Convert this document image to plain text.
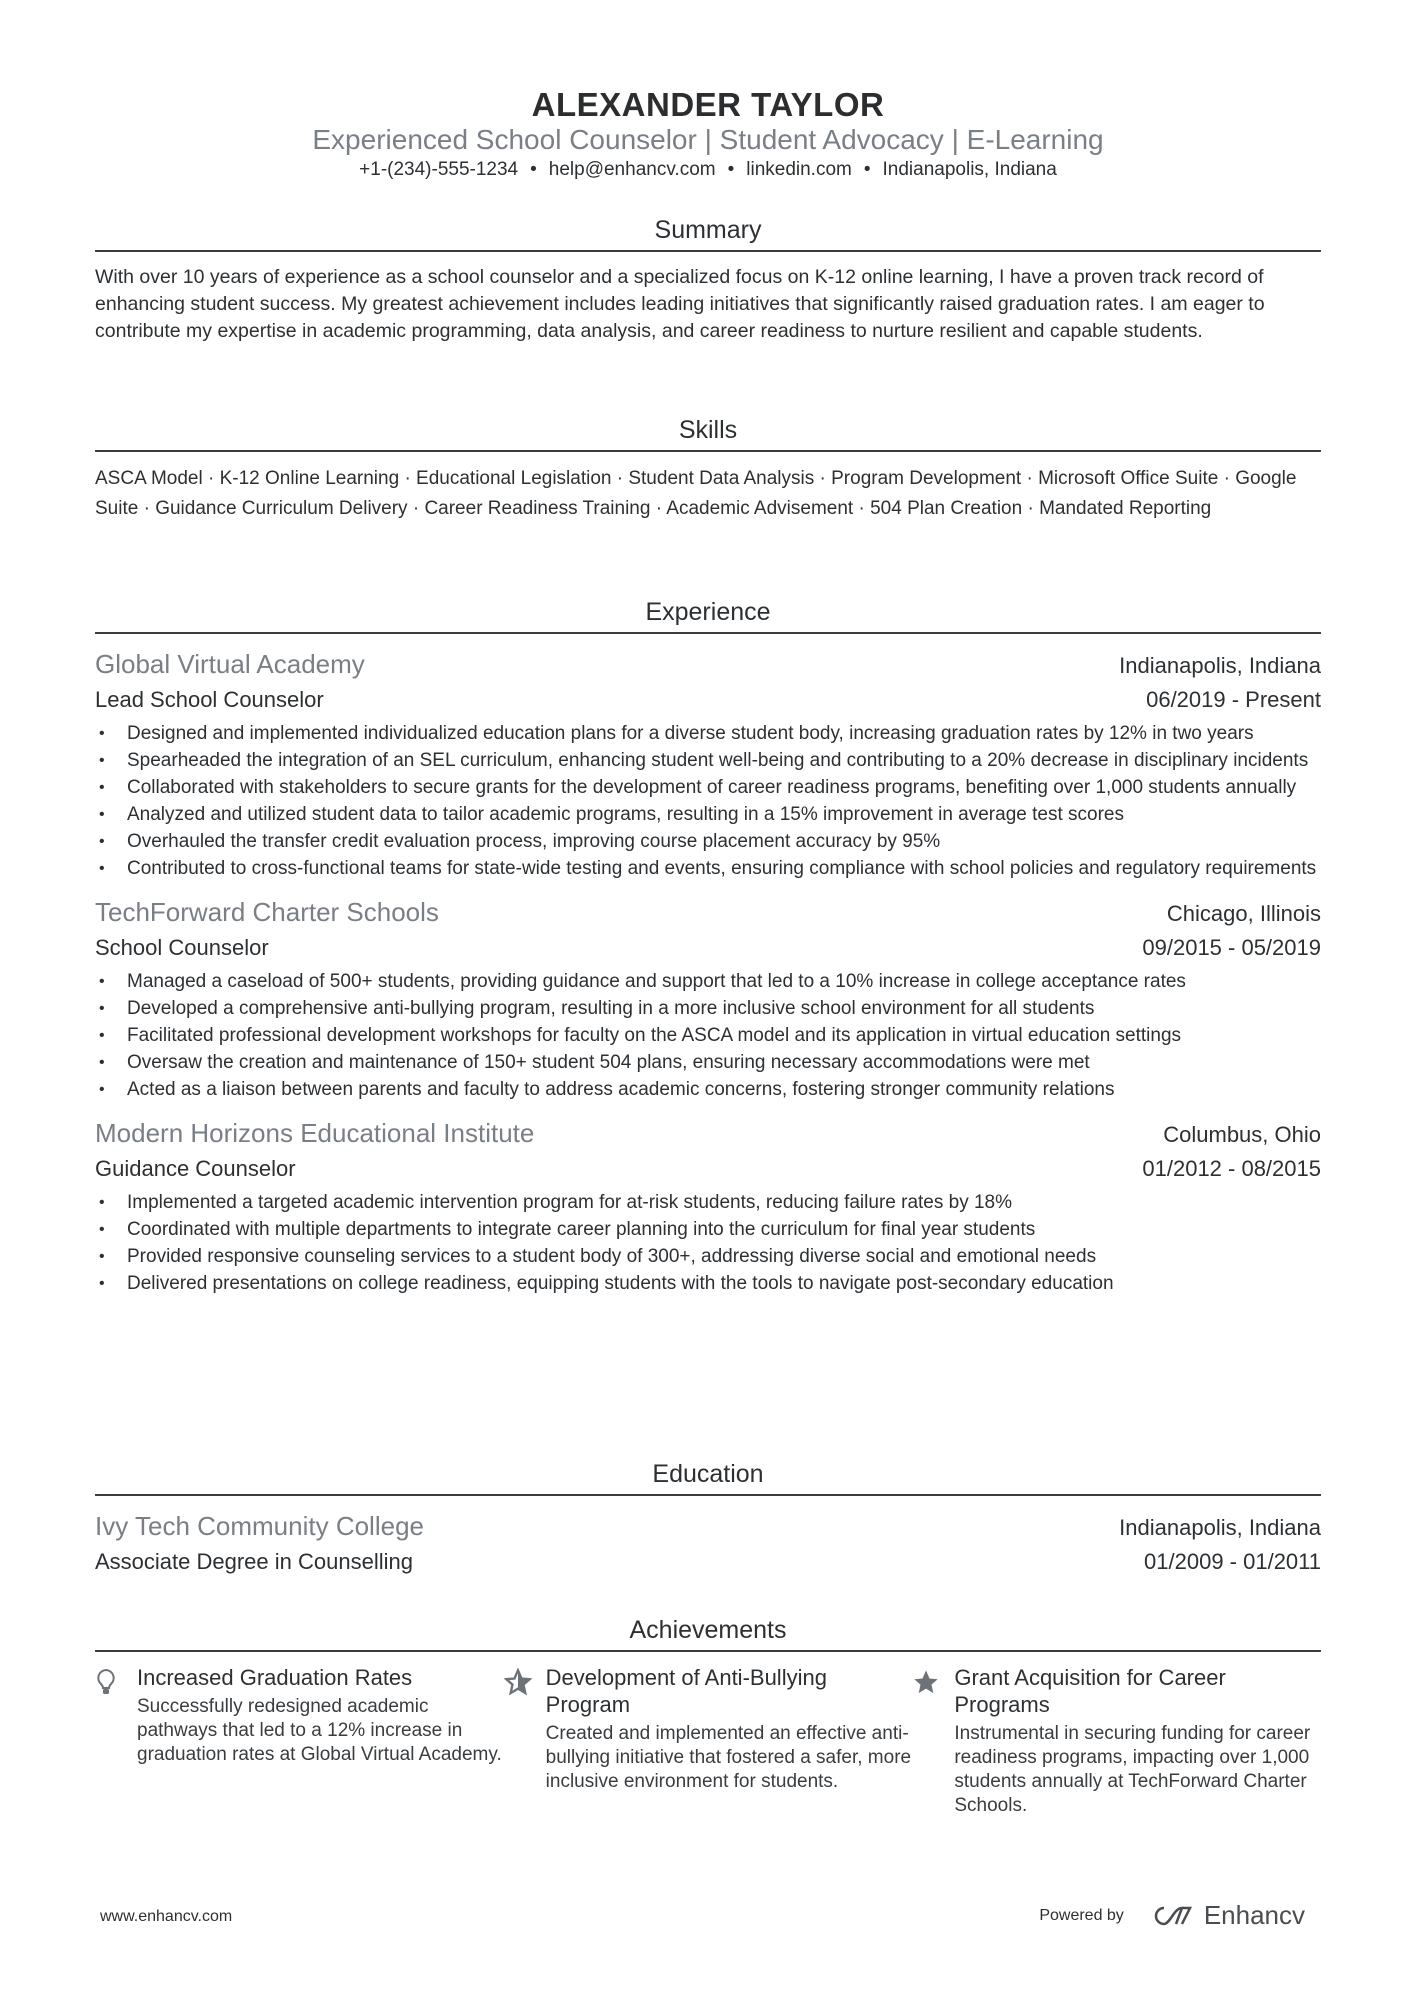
ALEXANDER TAYLOR
Experienced School Counselor | Student Advocacy | E-Learning
+1-(234)-555-1234 • help@enhancv.com • linkedin.com • Indianapolis, Indiana
Summary

With over 10 years of experience as a school counselor and a specialized focus on K-12 online learning, I have a proven track record of enhancing student success. My greatest achievement includes leading initiatives that significantly raised graduation rates. I am eager to contribute my expertise in academic programming, data analysis, and career readiness to nurture resilient and capable students.

Skills

ASCA Model · K-12 Online Learning · Educational Legislation · Student Data Analysis · Program Development · Microsoft Office Suite · Google Suite · Guidance Curriculum Delivery · Career Readiness Training · Academic Advisement · 504 Plan Creation · Mandated Reporting

Experience
Global Virtual Academy	Indianapolis, Indiana
Lead School Counselor	06/2019 - Present
• Designed and implemented individualized education plans for a diverse student body, increasing graduation rates by 12% in two years
• Spearheaded the integration of an SEL curriculum, enhancing student well-being and contributing to a 20% decrease in disciplinary incidents
• Collaborated with stakeholders to secure grants for the development of career readiness programs, benefiting over 1,000 students annually
• Analyzed and utilized student data to tailor academic programs, resulting in a 15% improvement in average test scores
• Overhauled the transfer credit evaluation process, improving course placement accuracy by 95%
• Contributed to cross-functional teams for state-wide testing and events, ensuring compliance with school policies and regulatory requirements
TechForward Charter Schools	Chicago, Illinois
School Counselor	09/2015 - 05/2019
• Managed a caseload of 500+ students, providing guidance and support that led to a 10% increase in college acceptance rates
• Developed a comprehensive anti-bullying program, resulting in a more inclusive school environment for all students
• Facilitated professional development workshops for faculty on the ASCA model and its application in virtual education settings
• Oversaw the creation and maintenance of 150+ student 504 plans, ensuring necessary accommodations were met
• Acted as a liaison between parents and faculty to address academic concerns, fostering stronger community relations
Modern Horizons Educational Institute	Columbus, Ohio
Guidance Counselor	01/2012 - 08/2015
• Implemented a targeted academic intervention program for at-risk students, reducing failure rates by 18%
• Coordinated with multiple departments to integrate career planning into the curriculum for final year students
• Provided responsive counseling services to a student body of 300+, addressing diverse social and emotional needs
• Delivered presentations on college readiness, equipping students with the tools to navigate post-secondary education
Education
Ivy Tech Community College	Indianapolis, Indiana
Associate Degree in Counselling	01/2009 - 01/2011
Achievements
Increased Graduation Rates
Successfully redesigned academic pathways that led to a 12% increase in graduation rates at Global Virtual Academy.
Development of Anti-Bullying Program
Created and implemented an effective anti-bullying initiative that fostered a safer, more inclusive environment for students.
Grant Acquisition for Career Programs
Instrumental in securing funding for career readiness programs, impacting over 1,000 students annually at TechForward Charter Schools.
www.enhancv.com	Powered by	Enhancv
